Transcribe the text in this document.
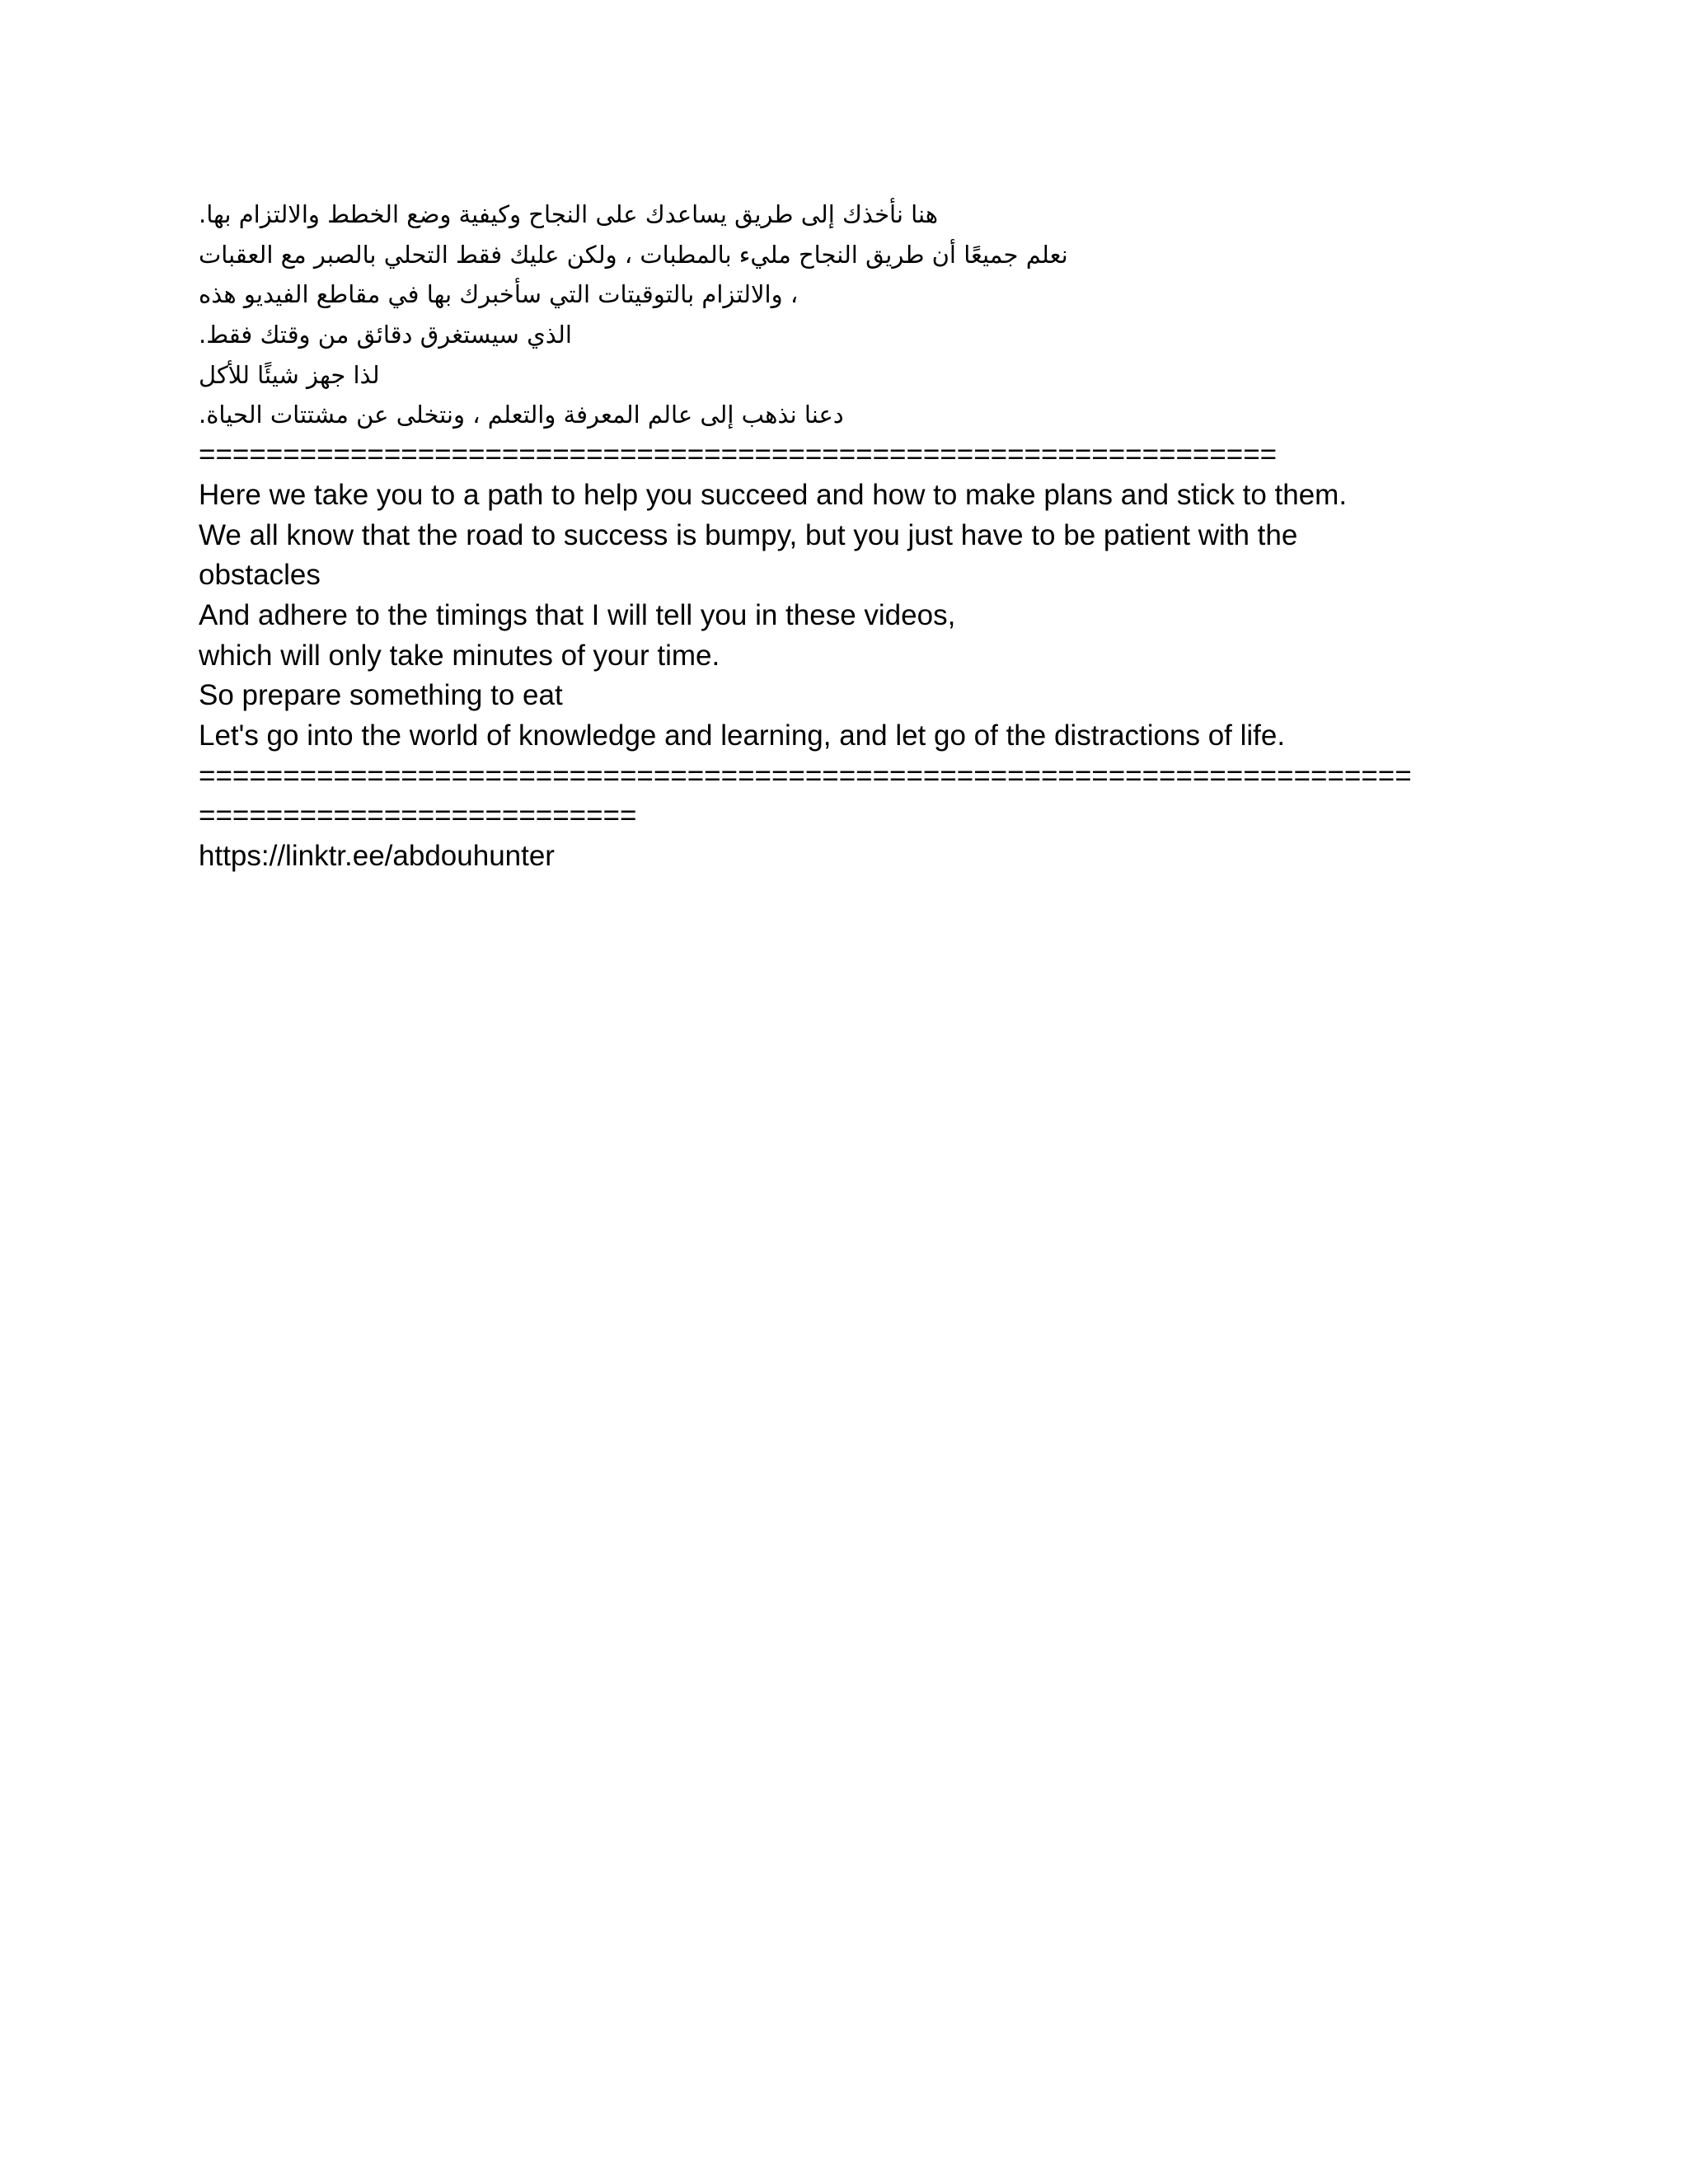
هنا نأخذك إلى طريق يساعدك على النجاح وكيفية وضع الخطط والالتزام بها.
نعلم جميعًا أن طريق النجاح مليء بالمطبات ، ولكن عليك فقط التحلي بالصبر مع العقبات
، والالتزام بالتوقيتات التي سأخبرك بها في مقاطع الفيديو هذه
الذي سيستغرق دقائق من وقتك فقط.
لذا جهز شيئًا للأكل
دعنا نذهب إلى عالم المعرفة والتعلم ، ونتخلى عن مشتتات الحياة.
================================================================
Here we take you to a path to help you succeed and how to make plans and stick to them.
We all know that the road to success is bumpy, but you just have to be patient with the obstacles
And adhere to the timings that I will tell you in these videos,
which will only take minutes of your time.
So prepare something to eat
Let's go into the world of knowledge and learning, and let go of the distractions of life.
========================================================================
==========================
https://linktr.ee/abdouhunter
